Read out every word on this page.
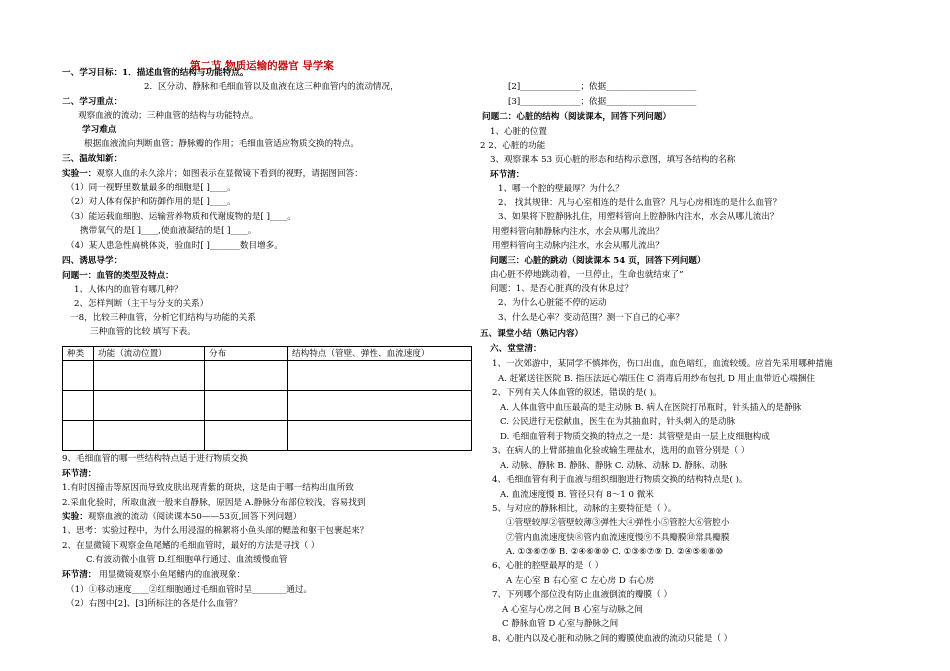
第二节 物质运输的器官 导学案
一、学习目标：1．描述血管的结构与功能特点。
2．区分动、静脉和毛细血管以及血液在这三种血管内的流动情况，
二、学习重点：
观察血液的流动；三种血管的结构与功能特点。
学习难点
根据血液流向判断血管；静脉瓣的作用；毛细血管适应物质交换的特点。
三、温故知新：
实验一：观察人血的永久涂片；如图表示在显微镜下看到的视野，请据图回答：
（1）同一视野里数量最多的细胞是[ ]____。
（2）对人体有保护和防御作用的是[ ]____。
（3）能运载血细胞、运输营养物质和代谢废物的是[ ]____。
携带氧气的是[ ]____,使血液凝结的是[ ]____。
（4）某人患急性扁桃体炎，验血时[ ]_______数目增多。
四、诱思导学：
问题一：血管的类型及特点：
1、人体内的血管有哪几种？
2、怎样判断（主干与分支的关系）
一8，比较三种血管，分析它们结构与功能的关系
三种血管的比较 填写下表。
9、毛细血管的哪一些结构特点适于进行物质交换
环节清：
1.有时因撞击等原因而导致皮肤出现青紫的斑块，这是由于哪一结构出血所致
2.采血化验时，所取血液一般来自静脉，原因是 A.静脉分布部位较浅，容易找到
实验：观察血液的流动（阅读课本50——53页,回答下列问题）
1、思考：实验过程中，为什么用浸湿的棉絮将小鱼头部的鳃盖和躯干包裹起来？
2、在显微镜下观察金鱼尾鳍的毛细血管时，最好的方法是寻找（ ）
C.有波动微小血管 D.红细胞单行通过、血流缓慢血管
环节清： 用显微镜观察小鱼尾鳍内的血液现象：
（1）①移动速度____②红细胞通过毛细血管时呈________通过。
（2）右图中[2]、[3]所标注的各是什么血管？
种类	功能（流动位置）	分布	结构特点（管壁、弹性、血流速度）

[2]______________；依据_____________________
[3]______________；依据_____________________
问题二：心脏的结构（阅读课本，回答下列问题）
1、心脏的位置
2 2、心脏的功能
3、观察课本 53 页心脏的形态和结构示意图，填写各结构的名称
环节清：
1、哪一个腔的壁最厚？为什么？
2、 找其规律：凡与心室相连的是什么血管？凡与心房相连的是什么血管？
3、如果将下腔静脉扎住，用塑料管向上腔静脉内注水，水会从哪儿流出？
用塑料管向肺静脉内注水，水会从哪儿流出？
用塑料管向主动脉内注水，水会从哪儿流出？
问题三：心脏的跳动（阅读课本 54 页，回答下列问题）
由心脏不停地跳动着，一旦停止，生命也就结束了”
问题：1、是否心脏真的没有休息过？
2、为什么心脏能不停的运动
3、什么是心率？变动范围？测一下自己的心率？
五、课堂小结（熟记内容）
六、堂堂清：
1、一次郊游中，某同学不慎摔伤，伤口出血，血色暗红，血流较缓。应首先采用哪种措施
A. 赶紧送往医院 B. 指压法远心端压住 C 消毒后用纱布包扎 D 用止血带近心端捆住
2、下列有关人体血管的叙述，错误的是( )。
A. 人体血管中血压最高的是主动脉 B. 病人在医院打吊瓶时，针头插入的是静脉
C. 公民进行无偿献血，医生在为其抽血时，针头刺入的是动脉
D. 毛细血管利于物质交换的特点之一是：其管壁是由一层上皮细胞构成
3、在病人的上臂部抽血化验或输生理盐水，选用的血管分别是（ ）
A. 动脉、静脉 B. 静脉、静脉 C. 动脉、动脉 D. 静脉、动脉
4、毛细血管有利于血液与组织细胞进行物质交换的结构特点是( )。
A. 血流速度慢 B. 管径只有 8～1 0 微米
5、与对应的静脉相比，动脉的主要特征是（ ）。
①管壁较厚②管壁较薄③弹性大④弹性小⑤管腔大⑥管腔小
⑦管内血流速度快⑧管内血流速度慢⑨不具瓣膜⑩常具瓣膜
A. ①③⑥⑦⑨ B. ②④⑥⑧⑩ C. ①③⑥⑦⑨ D. ②④⑤⑥⑧⑩
6、心脏的腔壁最厚的是（ ）
A 左心室 B 右心室 C 左心房 D 右心房
7、下列哪个部位没有防止血液倒流的瓣膜（ ）
A 心室与心房之间 B 心室与动脉之间
C 静脉血管 D 心室与静脉之间
8、心脏内以及心脏和动脉之间的瓣膜使血液的流动只能是（ ）
